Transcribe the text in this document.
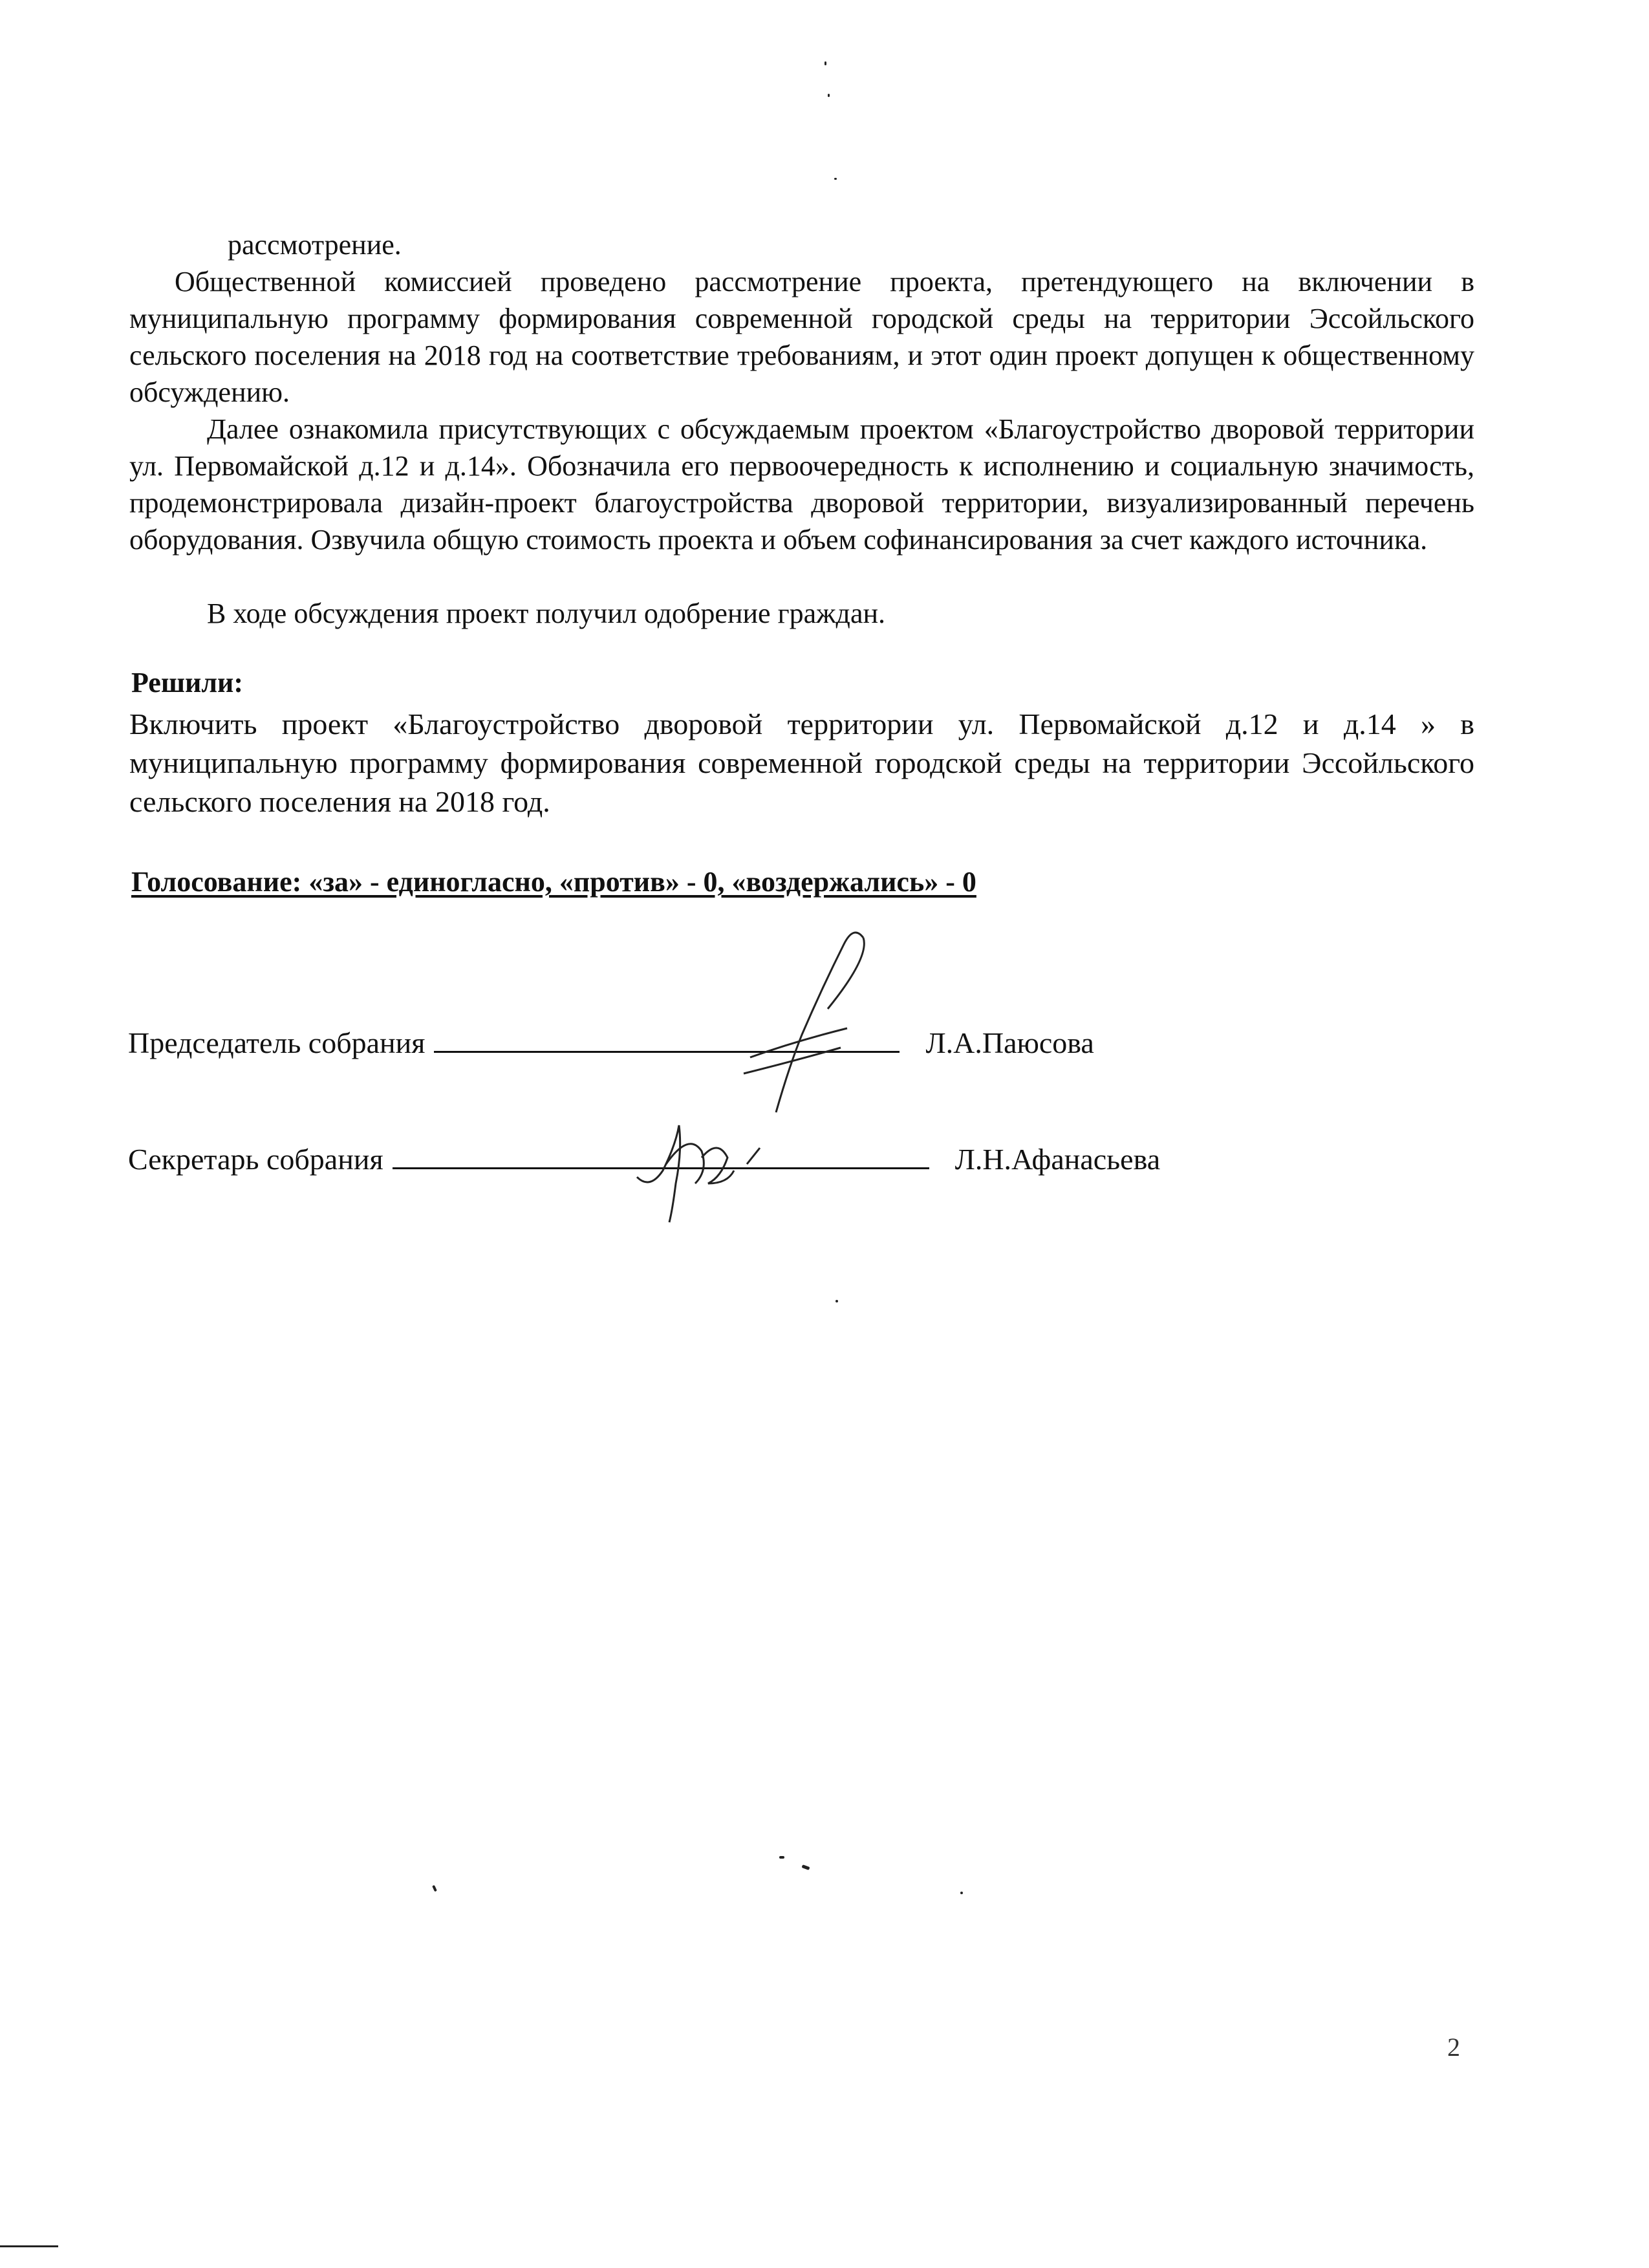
рассмотрение.

Общественной комиссией проведено рассмотрение проекта, претендующего на включении в муниципальную программу формирования современной городской среды на территории Эссойльского сельского поселения на 2018 год на соответствие требованиям, и этот один проект допущен к общественному обсуждению.

Далее ознакомила присутствующих с обсуждаемым проектом «Благоустройство дворовой территории ул. Первомайской д.12 и д.14». Обозначила его первоочередность к исполнению и социальную значимость, продемонстрировала дизайн-проект благоустройства дворовой территории, визуализированный перечень оборудования. Озвучила общую стоимость проекта и объем софинансирования за счет каждого источника.

В ходе обсуждения проект получил одобрение граждан.

Решили:

Включить проект «Благоустройство дворовой территории ул. Первомайской д.12 и д.14 » в муниципальную программу формирования современной городской среды на территории Эссойльского сельского поселения на 2018 год.

Голосование: «за» - единогласно, «против» - 0, «воздержались» - 0

Председатель собрания	Л.А.Паюсова
Секретарь собрания	Л.Н.Афанасьева
2
